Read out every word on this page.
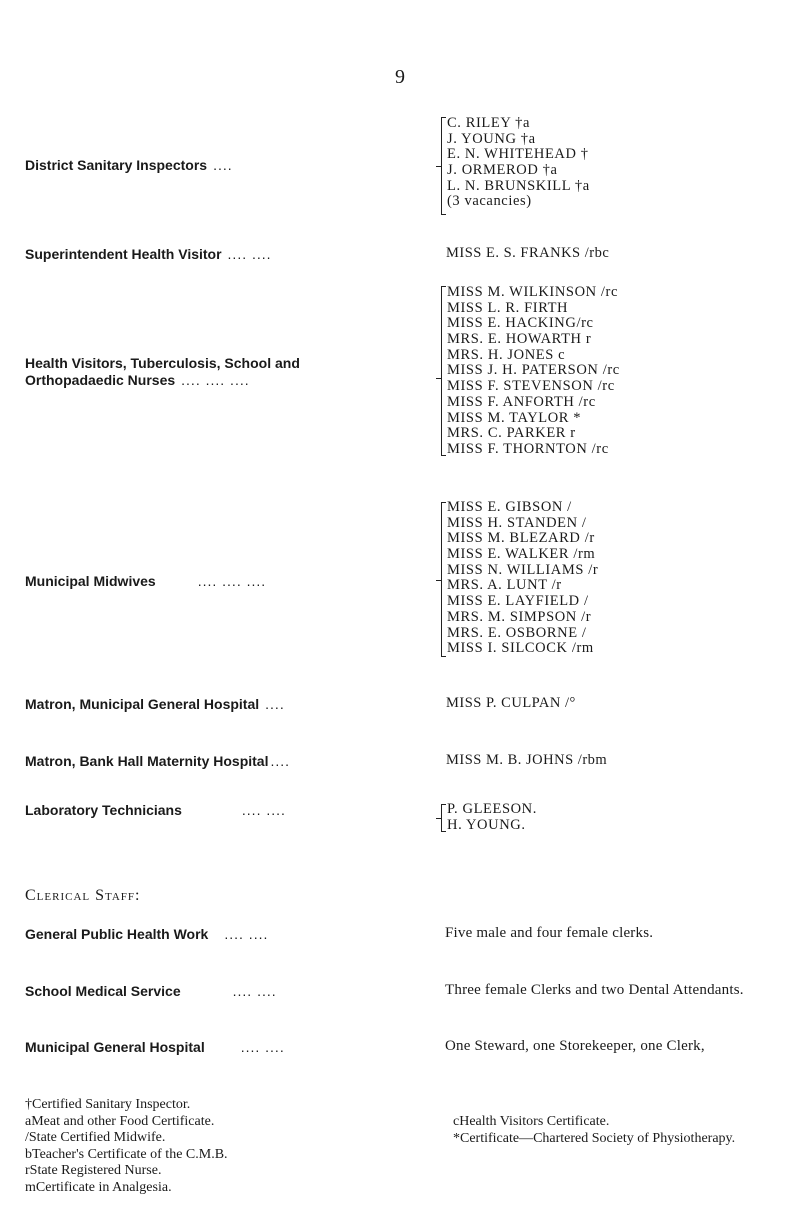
9
District Sanitary Inspectors ....
C. RILEY †a
J. YOUNG †a
E. N. WHITEHEAD †
J. ORMEROD †a
L. N. BRUNSKILL †a
(3 vacancies)
Superintendent Health Visitor .... ....	MISS E. S. FRANKS /rbc
Health Visitors, Tuberculosis, School and
Orthopadaedic Nurses .... .... ....
MISS M. WILKINSON /rc
MISS L. R. FIRTH
MISS E. HACKING/rc
MRS. E. HOWARTH r
MRS. H. JONES c
MISS J. H. PATERSON /rc
MISS F. STEVENSON /rc
MISS F. ANFORTH /rc
MISS M. TAYLOR *
MRS. C. PARKER r
MISS F. THORNTON /rc
Municipal Midwives	.... .... ....
MISS E. GIBSON /
MISS H. STANDEN /
MISS M. BLEZARD /r
MISS E. WALKER /rm
MISS N. WILLIAMS /r
MRS. A. LUNT /r
MISS E. LAYFIELD /
MRS. M. SIMPSON /r
MRS. E. OSBORNE /
MISS I. SILCOCK /rm
Matron, Municipal General Hospital ....	MISS P. CULPAN /°
Matron, Bank Hall Maternity Hospital ....	MISS M. B. JOHNS /rbm
Laboratory Technicians	.... ....	P. GLEESON.
H. YOUNG.
Clerical Staff:
General Public Health Work .... ....	Five male and four female clerks.
School Medical Service	.... ....	Three female Clerks and two Dental Attendants.
Municipal General Hospital	.... ....	One Steward, one Storekeeper, one Clerk,
†Certified Sanitary Inspector.
aMeat and other Food Certificate.
/State Certified Midwife.
bTeacher's Certificate of the C.M.B.
rState Registered Nurse.
mCertificate in Analgesia.
cHealth Visitors Certificate.
*Certificate—Chartered Society of Physiotherapy.
